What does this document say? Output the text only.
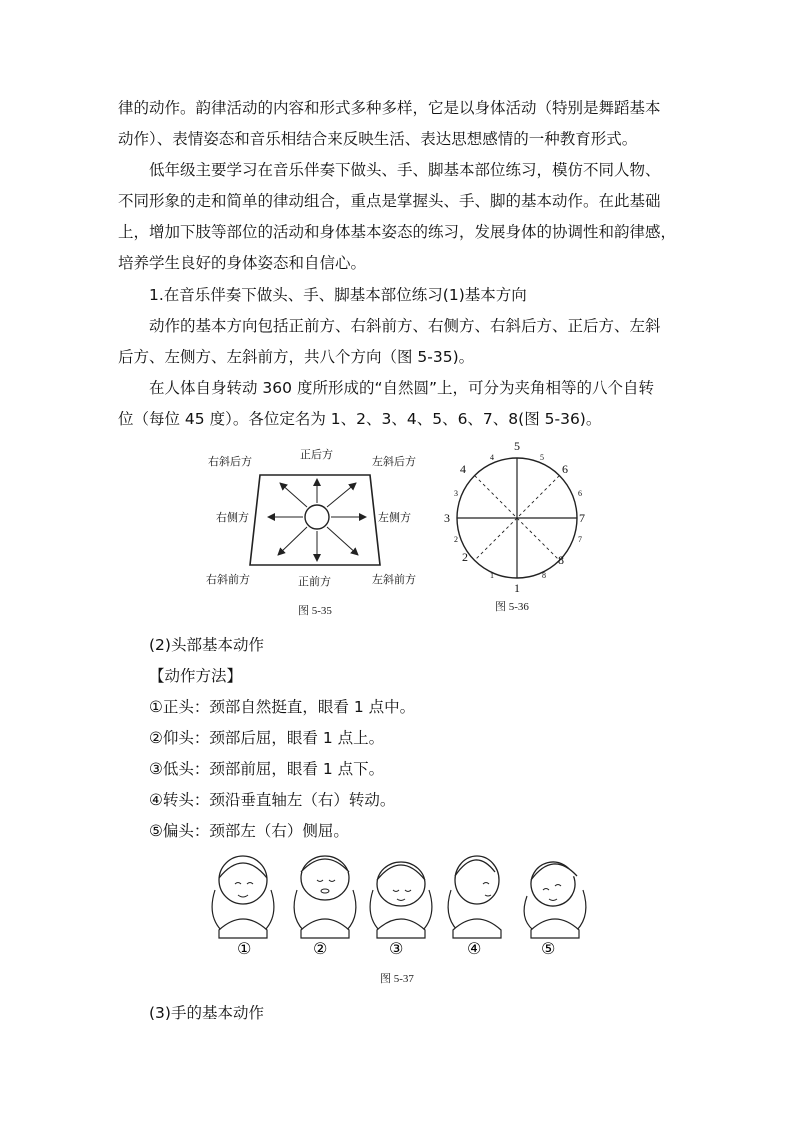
律的动作。韵律活动的内容和形式多种多样，它是以身体活动（特别是舞蹈基本
动作）、表情姿态和音乐相结合来反映生活、表达思想感情的一种教育形式。
低年级主要学习在音乐伴奏下做头、手、脚基本部位练习，模仿不同人物、
不同形象的走和简单的律动组合，重点是掌握头、手、脚的基本动作。在此基础
上，增加下肢等部位的活动和身体基本姿态的练习，发展身体的协调性和韵律感，
培养学生良好的身体姿态和自信心。
1.在音乐伴奏下做头、手、脚基本部位练习(1)基本方向
动作的基本方向包括正前方、右斜前方、右侧方、右斜后方、正后方、左斜
后方、左侧方、左斜前方，共八个方向（图 5-35)。
在人体自身转动 360 度所形成的“自然圆”上，可分为夹角相等的八个自转
位（每位 45 度）。各位定名为 1、2、3、4、5、6、7、8(图 5-36)。
右斜后方
正后方
左斜后方
右侧方	左侧方
右斜前方	正前方	左斜前方
图 5-35
1
2
3
4
5
6
7
8
8
1
2
3
4	5
6
7
图 5-36
(2)头部基本动作
【动作方法】
①正头：颈部自然挺直，眼看 1 点中。
②仰头：颈部后屈，眼看 1 点上。
③低头：颈部前屈，眼看 1 点下。
④转头：颈沿垂直轴左（右）转动。
⑤偏头：颈部左（右）侧屈。
①	②	③	④	⑤
图 5-37
(3)手的基本动作
